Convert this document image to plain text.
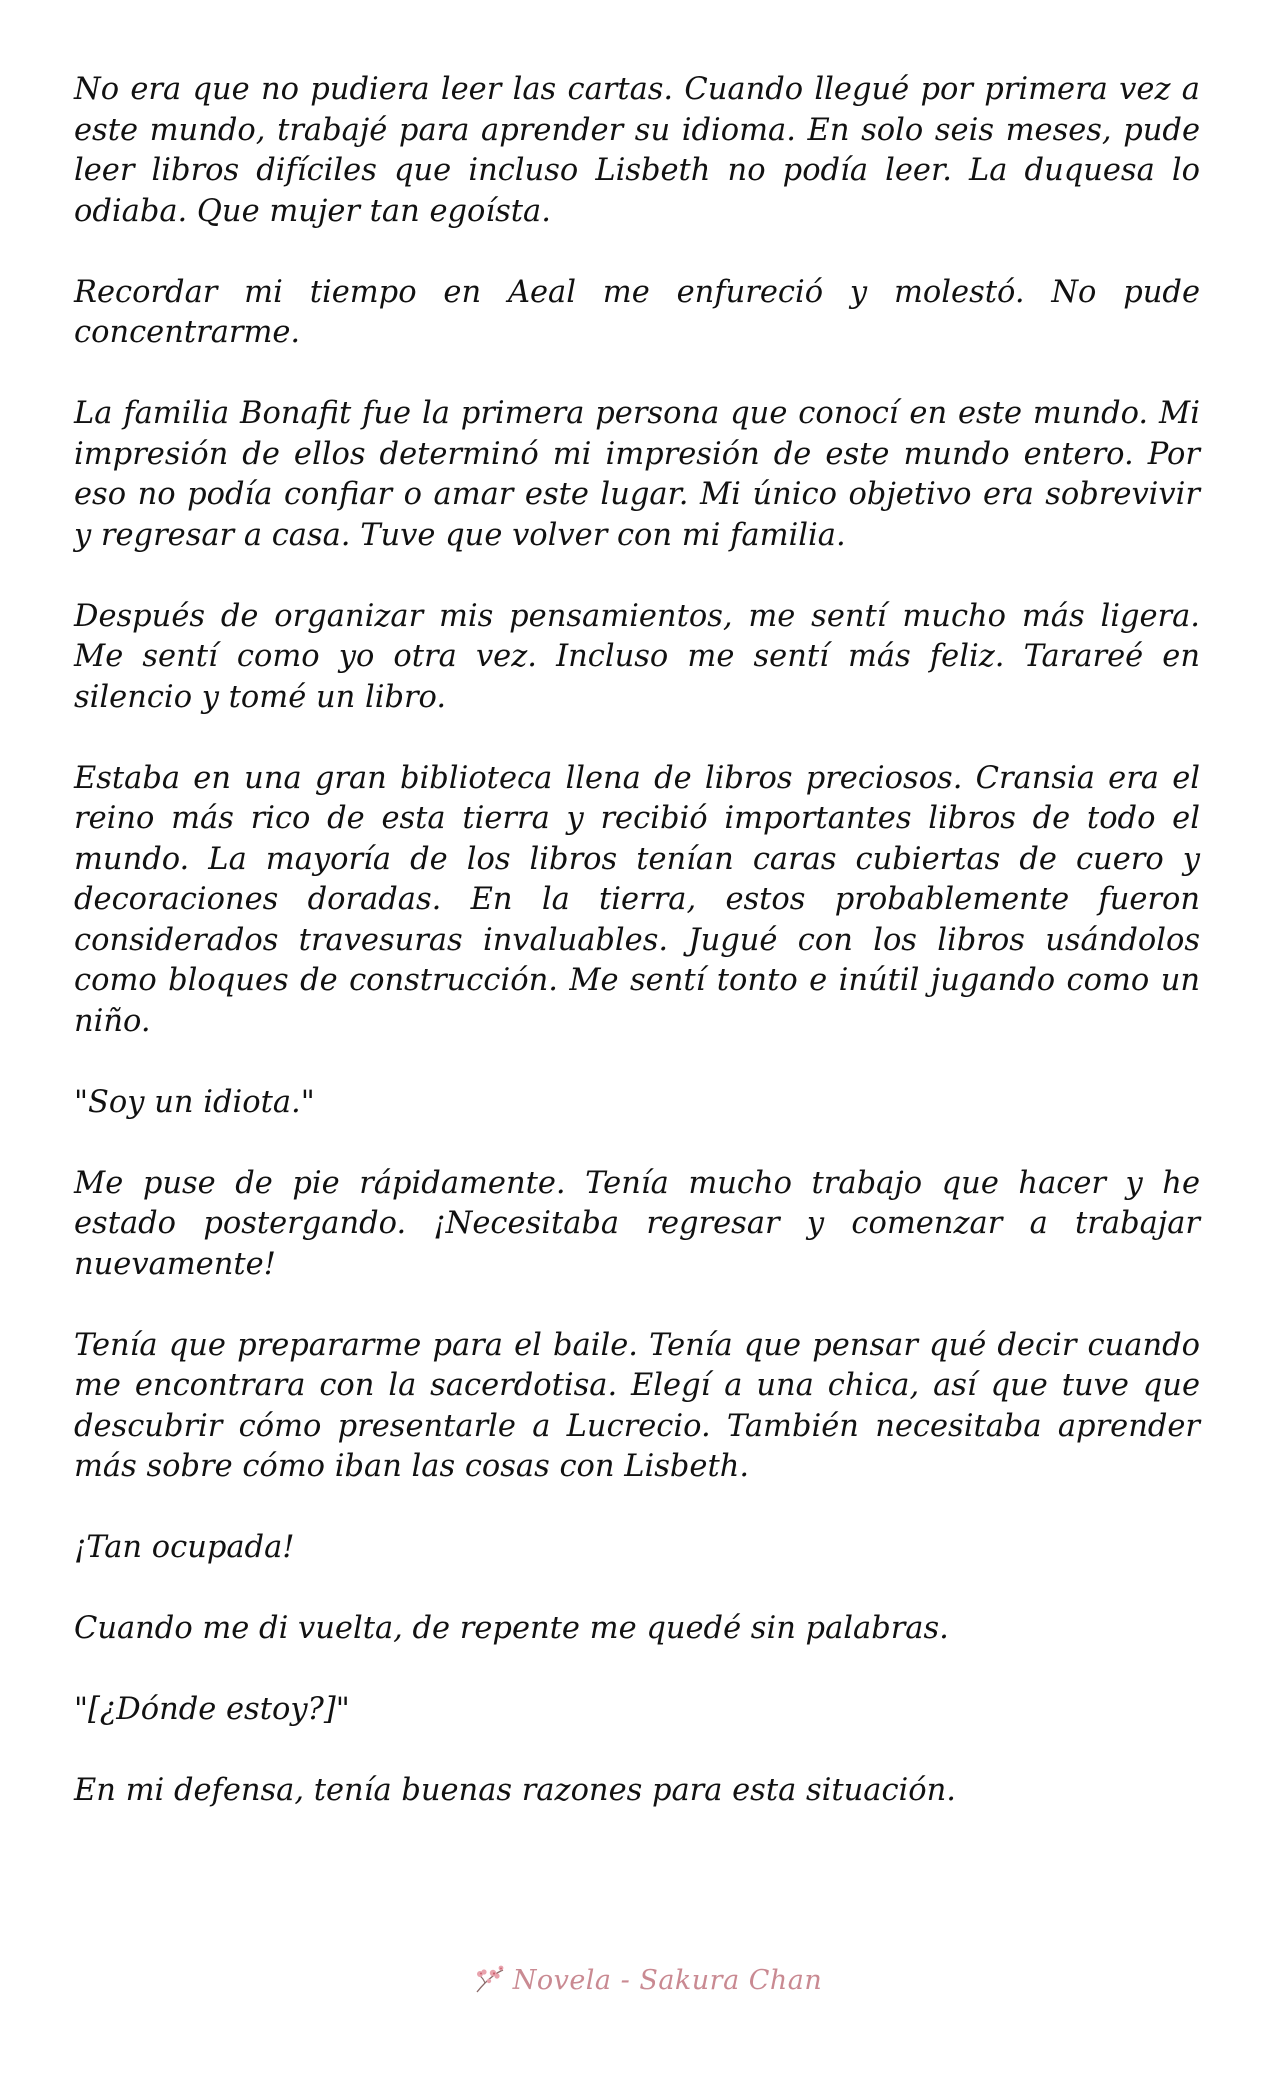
No era que no pudiera leer las cartas. Cuando llegué por primera vez a este mundo, trabajé para aprender su idioma. En solo seis meses, pude leer libros difíciles que incluso Lisbeth no podía leer. La duquesa lo odiaba. Que mujer tan egoísta.

Recordar mi tiempo en Aeal me enfureció y molestó. No pude concentrarme.

La familia Bonafit fue la primera persona que conocí en este mundo. Mi impresión de ellos determinó mi impresión de este mundo entero. Por eso no podía confiar o amar este lugar. Mi único objetivo era sobrevivir y regresar a casa. Tuve que volver con mi familia.

Después de organizar mis pensamientos, me sentí mucho más ligera. Me sentí como yo otra vez. Incluso me sentí más feliz. Tarareé en silencio y tomé un libro.

Estaba en una gran biblioteca llena de libros preciosos. Cransia era el reino más rico de esta tierra y recibió importantes libros de todo el mundo. La mayoría de los libros tenían caras cubiertas de cuero y decoraciones doradas. En la tierra, estos probablemente fueron considerados travesuras invaluables. Jugué con los libros usándolos como bloques de construcción. Me sentí tonto e inútil jugando como un niño.

"Soy un idiota."

Me puse de pie rápidamente. Tenía mucho trabajo que hacer y he estado postergando. ¡Necesitaba regresar y comenzar a trabajar nuevamente!

Tenía que prepararme para el baile. Tenía que pensar qué decir cuando me encontrara con la sacerdotisa. Elegí a una chica, así que tuve que descubrir cómo presentarle a Lucrecio. También necesitaba aprender más sobre cómo iban las cosas con Lisbeth.

¡Tan ocupada!

Cuando me di vuelta, de repente me quedé sin palabras.

"[¿Dónde estoy?]"

En mi defensa, tenía buenas razones para esta situación.

Novela - Sakura Chan
